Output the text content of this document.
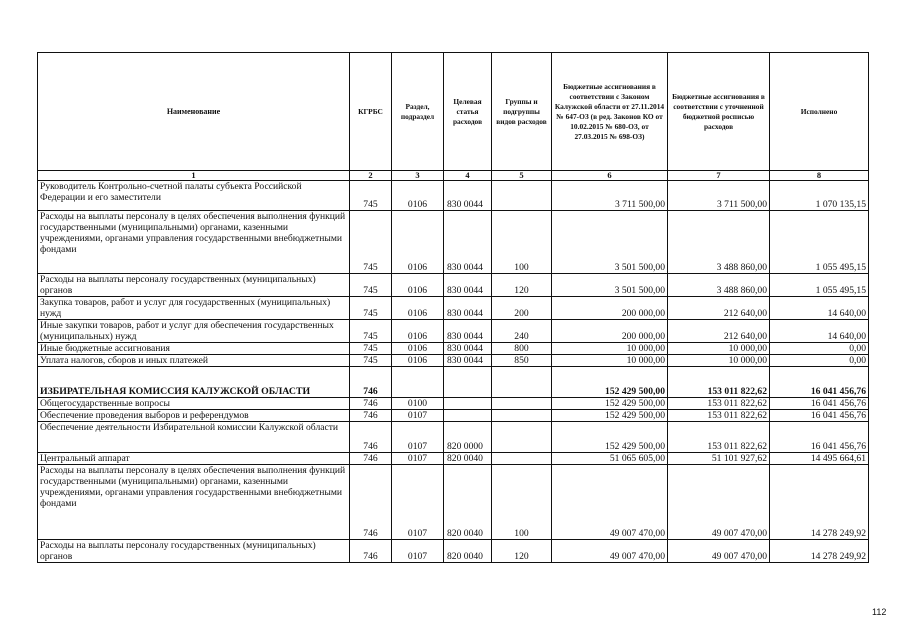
Наименование	КГРБС	Раздел, подраздел	Целевая статья расходов	Группы и подгруппы видов расходов	Бюджетные ассигнования в соответствии с Законом Калужской области от 27.11.2014 № 647-ОЗ (в ред. Законов КО от 10.02.2015 № 680-ОЗ, от 27.03.2015 № 698-ОЗ)	Бюджетные ассигнования в соответствии с уточненной бюджетной росписью расходов	Исполнено
1	2	3	4	5	6	7	8
Руководитель Контрольно-счетной палаты субъекта Российской Федерации и его заместители	745	0106	830 0044		3 711 500,00	3 711 500,00	1 070 135,15
Расходы на выплаты персоналу в целях обеспечения выполнения функций государственными (муниципальными) органами, казенными учреждениями, органами управления государственными внебюджетными фондами	745	0106	830 0044	100	3 501 500,00	3 488 860,00	1 055 495,15
Расходы на выплаты персоналу государственных (муниципальных) органов	745	0106	830 0044	120	3 501 500,00	3 488 860,00	1 055 495,15
Закупка товаров, работ и услуг для государственных (муниципальных) нужд	745	0106	830 0044	200	200 000,00	212 640,00	14 640,00
Иные закупки товаров, работ и услуг для обеспечения государственных (муниципальных) нужд	745	0106	830 0044	240	200 000,00	212 640,00	14 640,00
Иные бюджетные ассигнования	745	0106	830 0044	800	10 000,00	10 000,00	0,00
Уплата налогов, сборов и иных платежей	745	0106	830 0044	850	10 000,00	10 000,00	0,00
ИЗБИРАТЕЛЬНАЯ КОМИССИЯ КАЛУЖСКОЙ ОБЛАСТИ	746				152 429 500,00	153 011 822,62	16 041 456,76
Общегосударственные вопросы	746	0100			152 429 500,00	153 011 822,62	16 041 456,76
Обеспечение проведения выборов и референдумов	746	0107			152 429 500,00	153 011 822,62	16 041 456,76
Обеспечение деятельности Избирательной комиссии Калужской области	746	0107	820 0000		152 429 500,00	153 011 822,62	16 041 456,76
Центральный аппарат	746	0107	820 0040		51 065 605,00	51 101 927,62	14 495 664,61
Расходы на выплаты персоналу в целях обеспечения выполнения функций государственными (муниципальными) органами, казенными учреждениями, органами управления государственными внебюджетными фондами	746	0107	820 0040	100	49 007 470,00	49 007 470,00	14 278 249,92
Расходы на выплаты персоналу государственных (муниципальных) органов	746	0107	820 0040	120	49 007 470,00	49 007 470,00	14 278 249,92
112
